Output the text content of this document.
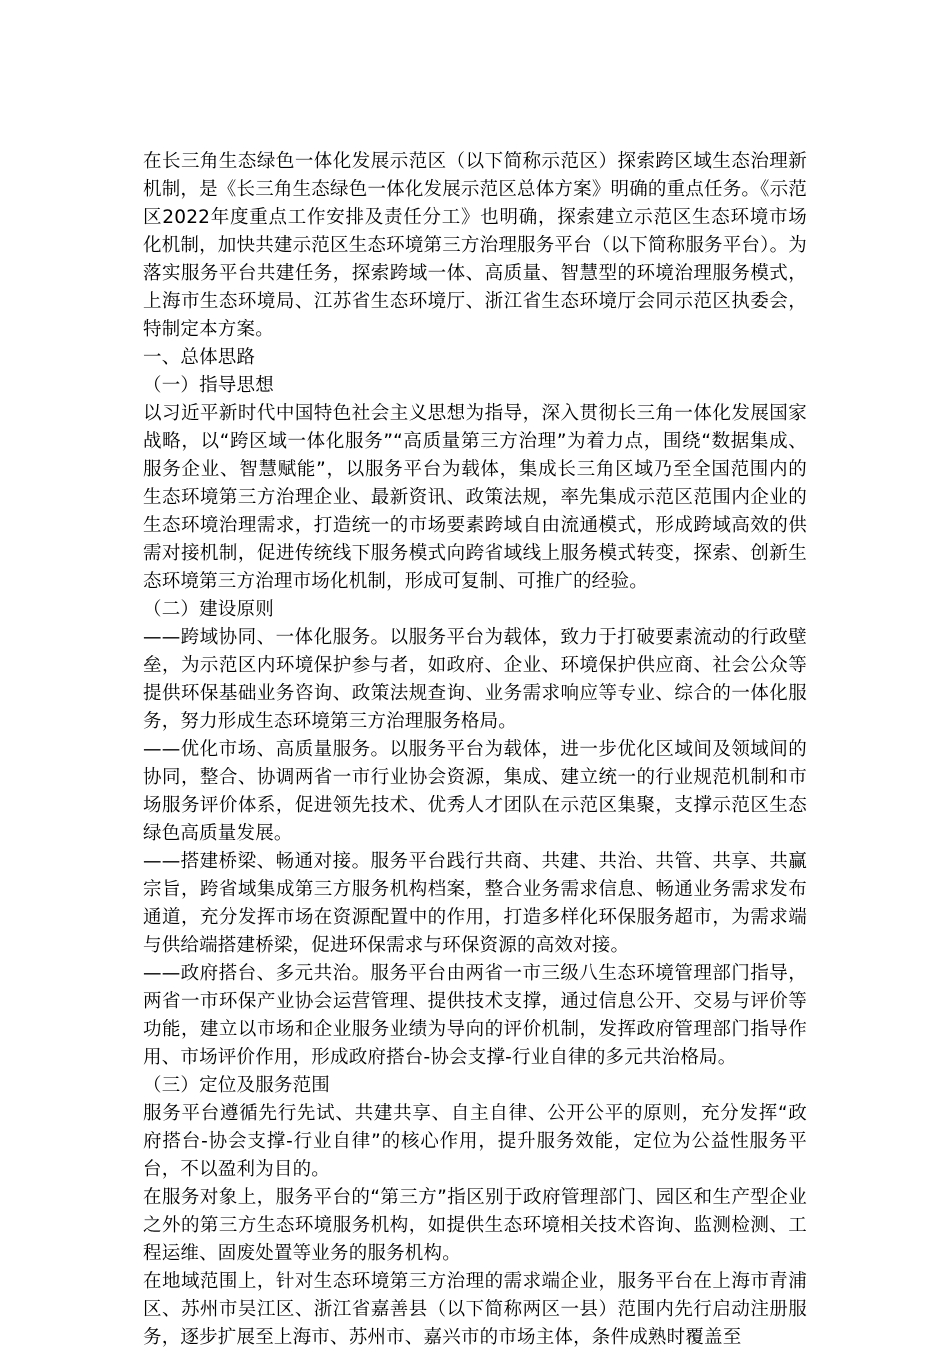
在长三角生态绿色一体化发展示范区（以下简称示范区）探索跨区域生态治理新机制，是《长三角生态绿色一体化发展示范区总体方案》明确的重点任务。《示范区2022年度重点工作安排及责任分工》也明确，探索建立示范区生态环境市场化机制，加快共建示范区生态环境第三方治理服务平台（以下简称服务平台）。为落实服务平台共建任务，探索跨域一体、高质量、智慧型的环境治理服务模式，上海市生态环境局、江苏省生态环境厅、浙江省生态环境厅会同示范区执委会，特制定本方案。

一、总体思路

（一）指导思想

以习近平新时代中国特色社会主义思想为指导，深入贯彻长三角一体化发展国家战略，以“跨区域一体化服务”“高质量第三方治理”为着力点，围绕“数据集成、服务企业、智慧赋能”，以服务平台为载体，集成长三角区域乃至全国范围内的生态环境第三方治理企业、最新资讯、政策法规，率先集成示范区范围内企业的生态环境治理需求，打造统一的市场要素跨域自由流通模式，形成跨域高效的供需对接机制，促进传统线下服务模式向跨省域线上服务模式转变，探索、创新生态环境第三方治理市场化机制，形成可复制、可推广的经验。

（二）建设原则

——跨域协同、一体化服务。以服务平台为载体，致力于打破要素流动的行政壁垒，为示范区内环境保护参与者，如政府、企业、环境保护供应商、社会公众等提供环保基础业务咨询、政策法规查询、业务需求响应等专业、综合的一体化服务，努力形成生态环境第三方治理服务格局。

——优化市场、高质量服务。以服务平台为载体，进一步优化区域间及领域间的协同，整合、协调两省一市行业协会资源，集成、建立统一的行业规范机制和市场服务评价体系，促进领先技术、优秀人才团队在示范区集聚，支撑示范区生态绿色高质量发展。

——搭建桥梁、畅通对接。服务平台践行共商、共建、共治、共管、共享、共赢宗旨，跨省域集成第三方服务机构档案，整合业务需求信息、畅通业务需求发布通道，充分发挥市场在资源配置中的作用，打造多样化环保服务超市，为需求端与供给端搭建桥梁，促进环保需求与环保资源的高效对接。

——政府搭台、多元共治。服务平台由两省一市三级八生态环境管理部门指导，两省一市环保产业协会运营管理、提供技术支撑，通过信息公开、交易与评价等功能，建立以市场和企业服务业绩为导向的评价机制，发挥政府管理部门指导作用、市场评价作用，形成政府搭台-协会支撑-行业自律的多元共治格局。

（三）定位及服务范围

服务平台遵循先行先试、共建共享、自主自律、公开公平的原则，充分发挥“政府搭台-协会支撑-行业自律”的核心作用，提升服务效能，定位为公益性服务平台，不以盈利为目的。

在服务对象上，服务平台的“第三方”指区别于政府管理部门、园区和生产型企业之外的第三方生态环境服务机构，如提供生态环境相关技术咨询、监测检测、工程运维、固废处置等业务的服务机构。

在地域范围上，针对生态环境第三方治理的需求端企业，服务平台在上海市青浦区、苏州市吴江区、浙江省嘉善县（以下简称两区一县）范围内先行启动注册服务，逐步扩展至上海市、苏州市、嘉兴市的市场主体，条件成熟时覆盖至
